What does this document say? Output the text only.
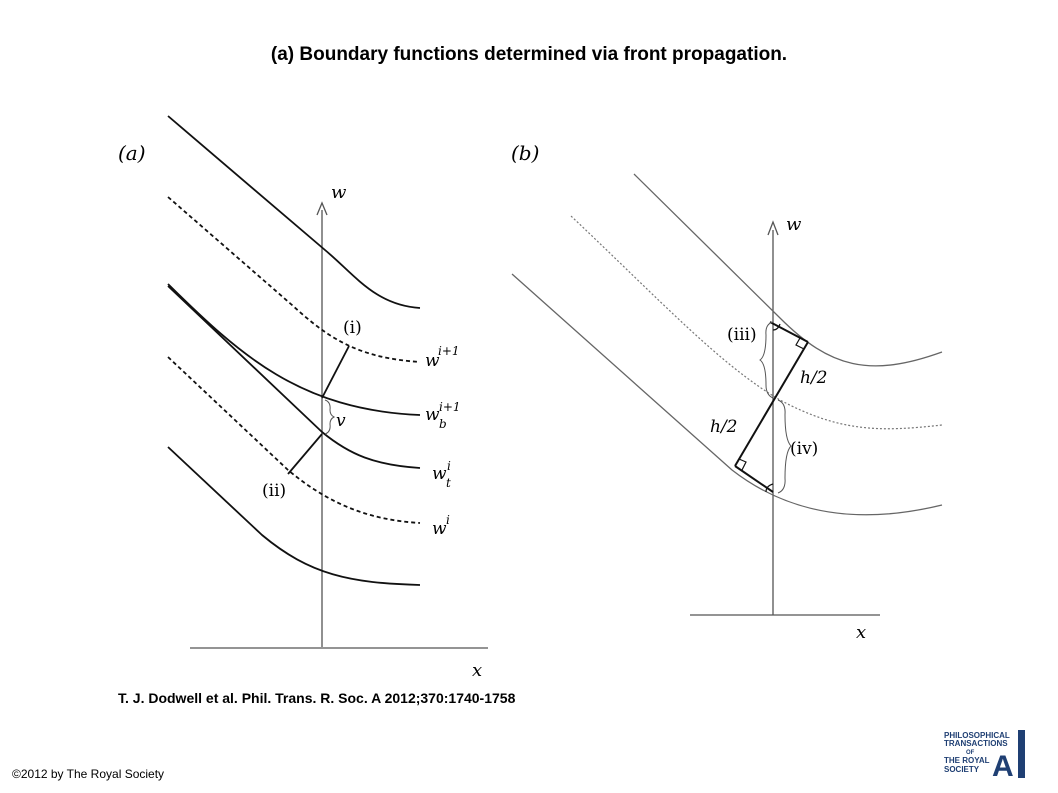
(a) Boundary functions determined via front propagation.
(a)
w
x
(i)
(ii)
v
w
i+1
w i+1
b
w i
t
w i
(b)
w
x
(iii)
(iv)
h/2
h/2
T. J. Dodwell et al. Phil. Trans. R. Soc. A 2012;370:1740-1758
©2012 by The Royal Society
PHILOSOPHICAL
TRANSACTIONS
OF
THE ROYAL
SOCIETY A
